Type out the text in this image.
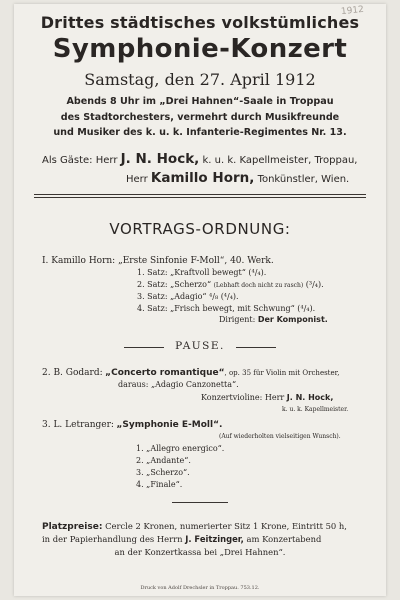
1912
Drittes städtisches volkstümliches
Symphonie-Konzert
Samstag, den 27. April 1912
Abends 8 Uhr im „Drei Hahnen“-Saale in Troppau
des Stadtorchesters, vermehrt durch Musikfreunde
und Musiker des k. u. k. Infanterie-Regimentes Nr. 13.
Als Gäste: Herr J. N. Hock, k. u. k. Kapellmeister, Troppau,
Herr Kamillo Horn, Tonkünstler, Wien.
VORTRAGS-ORDNUNG:
I. Kamillo Horn: „Erste Sinfonie F-Moll“, 40. Werk.
1. Satz: „Kraftvoll bewegt“ (⁴/₄).
2. Satz: „Scherzo“ (Lebhaft doch nicht zu rasch) (³/₄).
3. Satz: „Adagio“ ⁴/₈ (⁴/₄).
4. Satz: „Frisch bewegt, mit Schwung“ (⁴/₄).
Dirigent: Der Komponist.
PAUSE.
2. B. Godard: „Concerto romantique“, op. 35 für Violin mit Orchester,
daraus: „Adagio Canzonetta“.
Konzertvioline: Herr J. N. Hock,
k. u. k. Kapellmeister.
3. L. Letranger: „Symphonie E-Moll“.
(Auf wiederholten vielseitigen Wunsch).
1. „Allegro energico“.
2. „Andante“.
3. „Scherzo“.
4. „Finale“.
Platzpreise: Cercle 2 Kronen, numerierter Sitz 1 Krone, Eintritt 50 h,
in der Papierhandlung des Herrn J. Feitzinger, am Konzertabend
an der Konzertkassa bei „Drei Hahnen“.
Druck von Adolf Drechsler in Troppau. 753.12.
